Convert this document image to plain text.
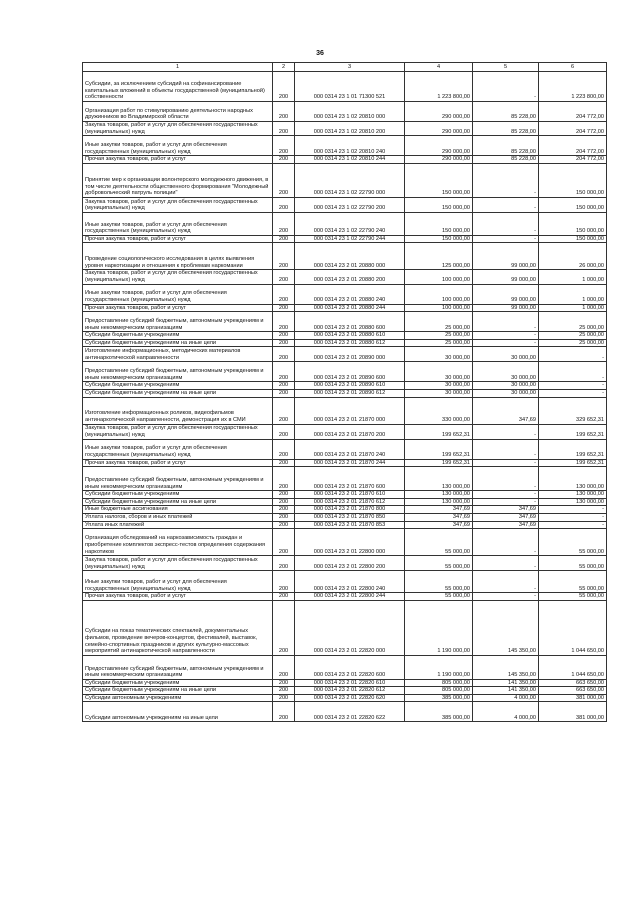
36
1	2	3	4	5	6
Субсидии, за исключением субсидий на софинансирование капитальных вложений в объекты государственной (муниципальной) собственности	200	000 0314 23 1 01 71300 521	1 223 800,00	-	1 223 800,00
Организация работ по стимулированию деятельности народных дружинников во Владимирской области	200	000 0314 23 1 02 20810 000	290 000,00	85 228,00	204 772,00
Закупка товаров, работ и услуг для обеспечения государственных (муниципальных) нужд	200	000 0314 23 1 02 20810 200	290 000,00	85 228,00	204 772,00
Иные закупки товаров, работ и услуг для обеспечения государственных (муниципальных) нужд	200	000 0314 23 1 02 20810 240	290 000,00	85 228,00	204 772,00
Прочая закупка товаров, работ и услуг	200	000 0314 23 1 02 20810 244	290 000,00	85 228,00	204 772,00
Принятие мер к организации волонтерского молодежного движения, в том числе деятельности общественного формирования "Молодежный добровольческий патруль полиции"	200	000 0314 23 1 02 22790 000	150 000,00	-	150 000,00
Закупка товаров, работ и услуг для обеспечения государственных (муниципальных) нужд	200	000 0314 23 1 02 22790 200	150 000,00	-	150 000,00
Иные закупки товаров, работ и услуг для обеспечения государственных (муниципальных) нужд	200	000 0314 23 1 02 22790 240	150 000,00	-	150 000,00
Прочая закупка товаров, работ и услуг	200	000 0314 23 1 02 22790 244	150 000,00	-	150 000,00
Проведение социологического исследования в целях выявления уровня наркотизации и отношения к проблемам наркомании	200	000 0314 23 2 01 20880 000	125 000,00	99 000,00	26 000,00
Закупка товаров, работ и услуг для обеспечения государственных (муниципальных) нужд	200	000 0314 23 2 01 20880 200	100 000,00	99 000,00	1 000,00
Иные закупки товаров, работ и услуг для обеспечения государственных (муниципальных) нужд	200	000 0314 23 2 01 20880 240	100 000,00	99 000,00	1 000,00
Прочая закупка товаров, работ и услуг	200	000 0314 23 2 01 20880 244	100 000,00	99 000,00	1 000,00
Предоставление субсидий бюджетным, автономным учреждениям и иным некоммерческим организациям	200	000 0314 23 2 01 20880 600	25 000,00	-	25 000,00
Субсидии бюджетным учреждениям	200	000 0314 23 2 01 20880 610	25 000,00	-	25 000,00
Субсидии бюджетным учреждениям на иные цели	200	000 0314 23 2 01 20880 612	25 000,00	-	25 000,00
Изготовление информационных, методических материалов антинаркотической направленности	200	000 0314 23 2 01 20890 000	30 000,00	30 000,00	-
Предоставление субсидий бюджетным, автономным учреждениям и иным некоммерческим организациям	200	000 0314 23 2 01 20890 600	30 000,00	30 000,00	-
Субсидии бюджетным учреждениям	200	000 0314 23 2 01 20890 610	30 000,00	30 000,00	-
Субсидии бюджетным учреждениям на иные цели	200	000 0314 23 2 01 20890 612	30 000,00	30 000,00	-
Изготовление информационных роликов, видеофильмов антинаркотической направленности, демонстрация их в СМИ	200	000 0314 23 2 01 21870 000	330 000,00	347,69	329 652,31
Закупка товаров, работ и услуг для обеспечения государственных (муниципальных) нужд	200	000 0314 23 2 01 21870 200	199 652,31	-	199 652,31
Иные закупки товаров, работ и услуг для обеспечения государственных (муниципальных) нужд	200	000 0314 23 2 01 21870 240	199 652,31	-	199 652,31
Прочая закупка товаров, работ и услуг	200	000 0314 23 2 01 21870 244	199 652,31	-	199 652,31
Предоставление субсидий бюджетным, автономным учреждениям и иным некоммерческим организациям	200	000 0314 23 2 01 21870 600	130 000,00	-	130 000,00
Субсидии бюджетным учреждениям	200	000 0314 23 2 01 21870 610	130 000,00	-	130 000,00
Субсидии бюджетным учреждениям на иные цели	200	000 0314 23 2 01 21870 612	130 000,00	-	130 000,00
Иные бюджетные ассигнования	200	000 0314 23 2 01 21870 800	347,69	347,69	-
Уплата налогов, сборов и иных платежей	200	000 0314 23 2 01 21870 850	347,69	347,69	-
Уплата иных платежей	200	000 0314 23 2 01 21870 853	347,69	347,69	-
Организация обследований на наркозависимость граждан и приобретение комплектов экспресс-тестов определения содержания наркотиков	200	000 0314 23 2 01 22800 000	55 000,00	-	55 000,00
Закупка товаров, работ и услуг для обеспечения государственных (муниципальных) нужд	200	000 0314 23 2 01 22800 200	55 000,00	-	55 000,00
Иные закупки товаров, работ и услуг для обеспечения государственных (муниципальных) нужд	200	000 0314 23 2 01 22800 240	55 000,00	-	55 000,00
Прочая закупка товаров, работ и услуг	200	000 0314 23 2 01 22800 244	55 000,00	-	55 000,00
Субсидии на показ тематических спектаклей, документальных фильмов, проведение вечеров-концертов, фестивалей, выставок, семейно-спортивных праздников и других культурно-массовых мероприятий антинаркотической направленности	200	000 0314 23 2 01 22820 000	1 190 000,00	145 350,00	1 044 650,00
Предоставление субсидий бюджетным, автономным учреждениям и иным некоммерческим организациям	200	000 0314 23 2 01 22820 600	1 190 000,00	145 350,00	1 044 650,00
Субсидии бюджетным учреждениям	200	000 0314 23 2 01 22820 610	805 000,00	141 350,00	663 650,00
Субсидии бюджетным учреждениям на иные цели	200	000 0314 23 2 01 22820 612	805 000,00	141 350,00	663 650,00
Субсидии автономным учреждениям	200	000 0314 23 2 01 22820 620	385 000,00	4 000,00	381 000,00
Субсидии автономным учреждениям на иные цели	200	000 0314 23 2 01 22820 622	385 000,00	4 000,00	381 000,00
